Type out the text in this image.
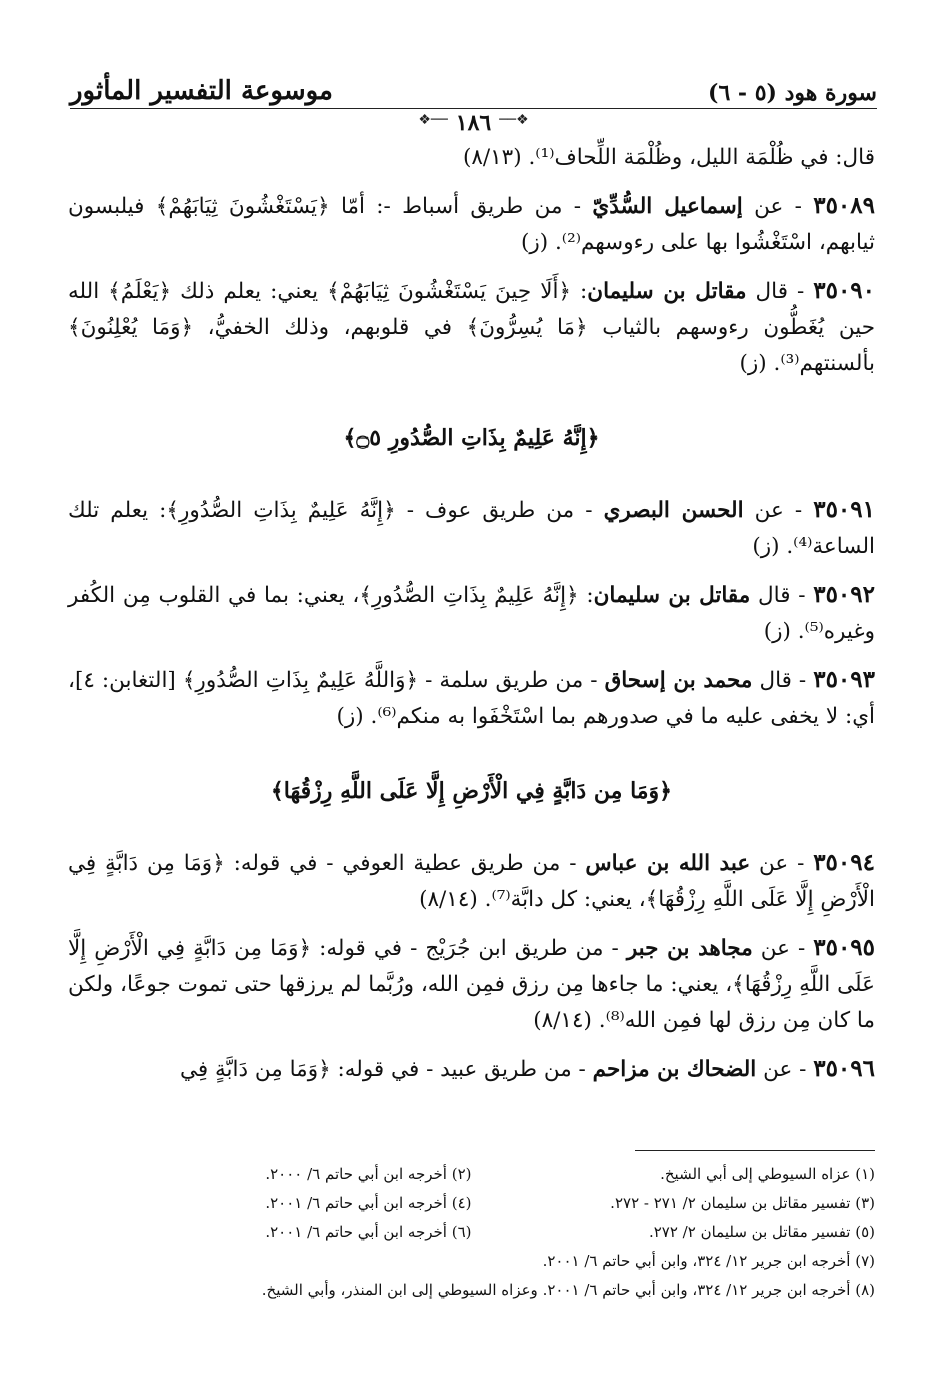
سورة هود (٥ - ٦)
موسوعة التفسير المأثور
❖──
١٨٦
──❖

قال: في ظُلْمَة الليل، وظُلْمَة اللِّحاف⁽¹⁾. (٨/١٣)

٣٥٠٨٩ - عن إسماعيل السُّدِّيّ - من طريق أسباط -: أمّا ﴿يَسْتَغْشُونَ ثِيَابَهُمْ﴾ فيلبسون ثيابهم، اسْتَغْشُوا بها على رءوسهم⁽²⁾. (ز)

٣٥٠٩٠ - قال مقاتل بن سليمان: ﴿أَلَا حِينَ يَسْتَغْشُونَ ثِيَابَهُمْ﴾ يعني: يعلم ذلك ﴿يَعْلَمُ﴾ الله حين يُغَطُّون رءوسهم بالثياب ﴿مَا يُسِرُّونَ﴾ في قلوبهم، وذلك الخفيُّ، ﴿وَمَا يُعْلِنُونَ﴾ بألسنتهم⁽³⁾. (ز)

﴿إِنَّهُ عَلِيمٌ بِذَاتِ الصُّدُورِ ۝٥﴾

٣٥٠٩١ - عن الحسن البصري - من طريق عوف - ﴿إِنَّهُ عَلِيمٌ بِذَاتِ الصُّدُورِ﴾: يعلم تلك الساعة⁽⁴⁾. (ز)

٣٥٠٩٢ - قال مقاتل بن سليمان: ﴿إِنَّهُ عَلِيمٌ بِذَاتِ الصُّدُورِ﴾، يعني: بما في القلوب مِن الكُفر وغيره⁽⁵⁾. (ز)

٣٥٠٩٣ - قال محمد بن إسحاق - من طريق سلمة - ﴿وَاللَّهُ عَلِيمٌ بِذَاتِ الصُّدُورِ﴾ [التغابن: ٤]، أي: لا يخفى عليه ما في صدورهم بما اسْتَخْفَوا به منكم⁽⁶⁾. (ز)

﴿وَمَا مِن دَابَّةٍ فِي الْأَرْضِ إِلَّا عَلَى اللَّهِ رِزْقُهَا﴾

٣٥٠٩٤ - عن عبد الله بن عباس - من طريق عطية العوفي - في قوله: ﴿وَمَا مِن دَابَّةٍ فِي الْأَرْضِ إِلَّا عَلَى اللَّهِ رِزْقُهَا﴾، يعني: كل دابَّة⁽⁷⁾. (٨/١٤)

٣٥٠٩٥ - عن مجاهد بن جبر - من طريق ابن جُرَيْج - في قوله: ﴿وَمَا مِن دَابَّةٍ فِي الْأَرْضِ إِلَّا عَلَى اللَّهِ رِزْقُهَا﴾، يعني: ما جاءها مِن رزق فمِن الله، ورُبَّما لم يرزقها حتى تموت جوعًا، ولكن ما كان مِن رزق لها فمِن الله⁽⁸⁾. (٨/١٤)

٣٥٠٩٦ - عن الضحاك بن مزاحم - من طريق عبيد - في قوله: ﴿وَمَا مِن دَابَّةٍ فِي

(١) عزاه السيوطي إلى أبي الشيخ.
(٢) أخرجه ابن أبي حاتم ٦/ ٢٠٠٠.
(٣) تفسير مقاتل بن سليمان ٢/ ٢٧١ - ٢٧٢.
(٤) أخرجه ابن أبي حاتم ٦/ ٢٠٠١.
(٥) تفسير مقاتل بن سليمان ٢/ ٢٧٢.
(٦) أخرجه ابن أبي حاتم ٦/ ٢٠٠١.
(٧) أخرجه ابن جرير ١٢/ ٣٢٤، وابن أبي حاتم ٦/ ٢٠٠١.
(٨) أخرجه ابن جرير ١٢/ ٣٢٤، وابن أبي حاتم ٦/ ٢٠٠١. وعزاه السيوطي إلى ابن المنذر، وأبي الشيخ.
